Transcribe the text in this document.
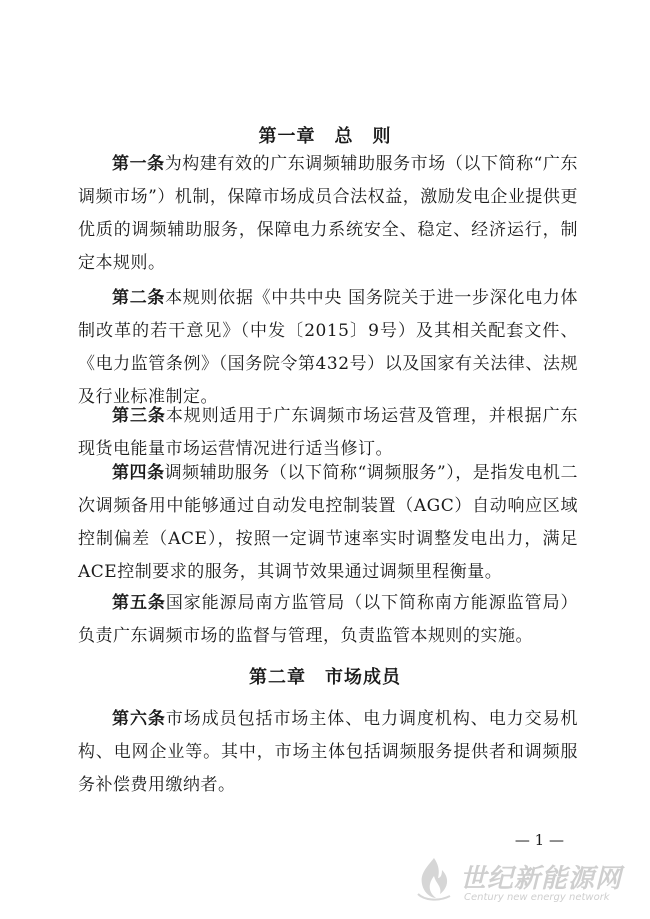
第一章　总　则
第一条为构建有效的广东调频辅助服务市场（以下简称“广东调频市场”）机制，保障市场成员合法权益，激励发电企业提供更优质的调频辅助服务，保障电力系统安全、稳定、经济运行，制定本规则。
第二条本规则依据《中共中央 国务院关于进一步深化电力体制改革的若干意见》（中发〔2015〕9号）及其相关配套文件、《电力监管条例》（国务院令第432号）以及国家有关法律、法规及行业标准制定。
第三条本规则适用于广东调频市场运营及管理，并根据广东现货电能量市场运营情况进行适当修订。
第四条调频辅助服务（以下简称“调频服务”），是指发电机二次调频备用中能够通过自动发电控制装置（AGC）自动响应区域控制偏差（ACE），按照一定调节速率实时调整发电出力，满足ACE控制要求的服务，其调节效果通过调频里程衡量。
第五条国家能源局南方监管局（以下简称南方能源监管局）负责广东调频市场的监督与管理，负责监管本规则的实施。
第二章　市场成员
第六条市场成员包括市场主体、电力调度机构、电力交易机构、电网企业等。其中，市场主体包括调频服务提供者和调频服务补偿费用缴纳者。
— 1 —
世纪新能源网
Century new energy network
